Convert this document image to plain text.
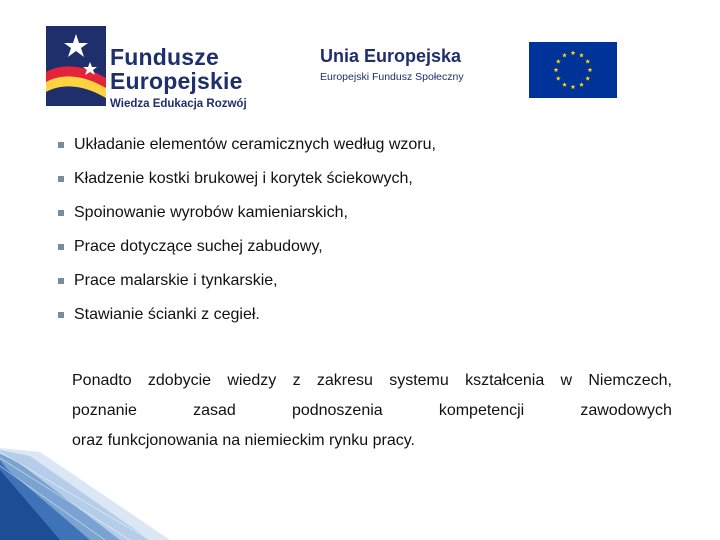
Fundusze
Europejskie
Wiedza Edukacja Rozwój
Unia Europejska
Europejski Fundusz Społeczny
Układanie elementów ceramicznych według wzoru,
Kładzenie kostki brukowej i korytek ściekowych,
Spoinowanie wyrobów kamieniarskich,
Prace dotyczące suchej zabudowy,
Prace malarskie i tynkarskie,
Stawianie ścianki z cegieł.
Ponadto zdobycie wiedzy z zakresu systemu kształcenia w Niemczech,
poznanie	zasad	podnoszenia	kompetencji	zawodowych
oraz funkcjonowania na niemieckim rynku pracy.
